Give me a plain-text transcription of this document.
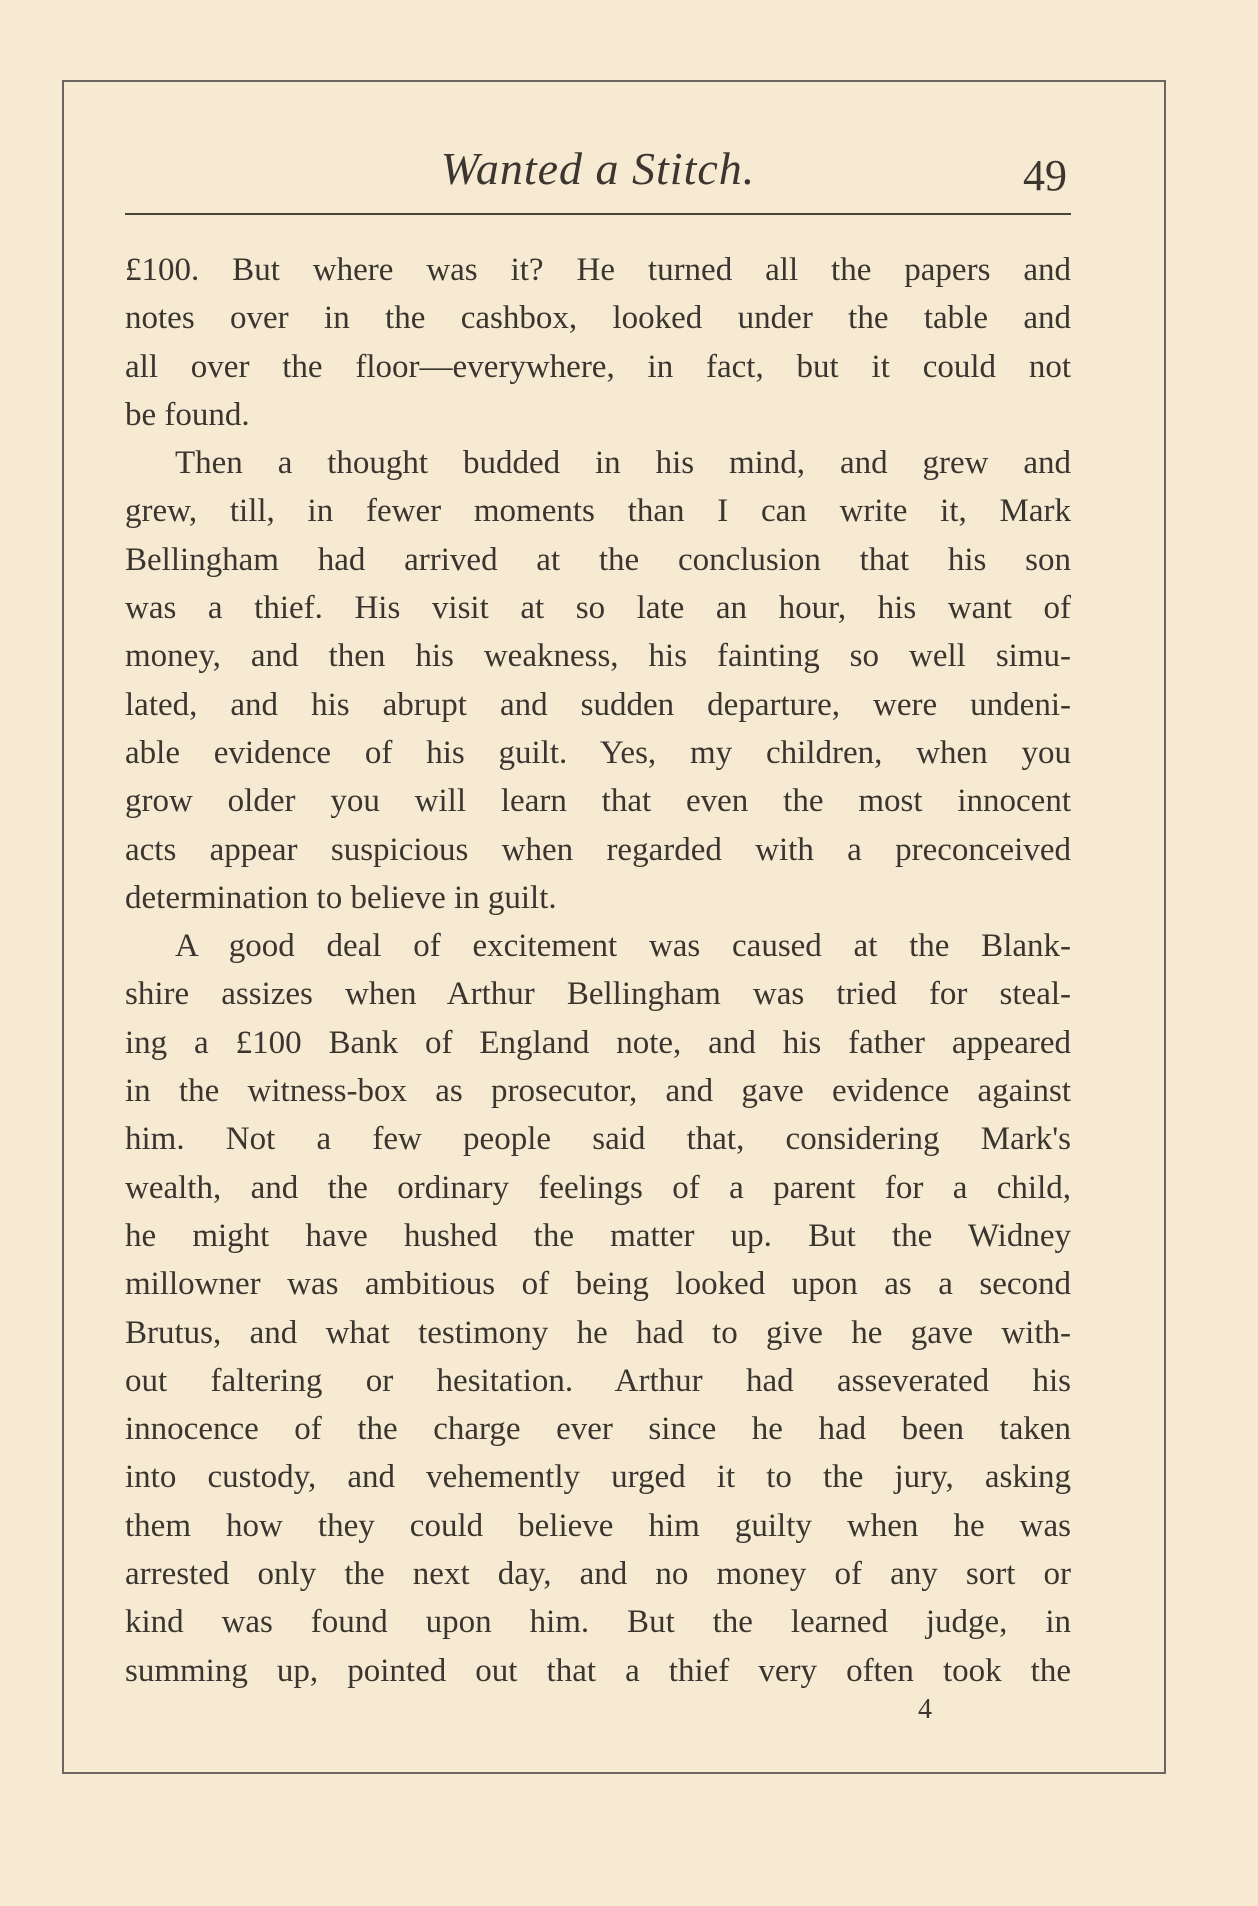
Wanted a Stitch.	49
£100. But where was it? He turned all the papers and
notes over in the cashbox, looked under the table and
all over the floor—everywhere, in fact, but it could not
be found.
Then a thought budded in his mind, and grew and
grew, till, in fewer moments than I can write it, Mark
Bellingham had arrived at the conclusion that his son
was a thief. His visit at so late an hour, his want of
money, and then his weakness, his fainting so well simu-
lated, and his abrupt and sudden departure, were undeni-
able evidence of his guilt. Yes, my children, when you
grow older you will learn that even the most innocent
acts appear suspicious when regarded with a preconceived
determination to believe in guilt.
A good deal of excitement was caused at the Blank-
shire assizes when Arthur Bellingham was tried for steal-
ing a £100 Bank of England note, and his father appeared
in the witness-box as prosecutor, and gave evidence against
him. Not a few people said that, considering Mark's
wealth, and the ordinary feelings of a parent for a child,
he might have hushed the matter up. But the Widney
millowner was ambitious of being looked upon as a second
Brutus, and what testimony he had to give he gave with-
out faltering or hesitation. Arthur had asseverated his
innocence of the charge ever since he had been taken
into custody, and vehemently urged it to the jury, asking
them how they could believe him guilty when he was
arrested only the next day, and no money of any sort or
kind was found upon him. But the learned judge, in
summing up, pointed out that a thief very often took the
4
